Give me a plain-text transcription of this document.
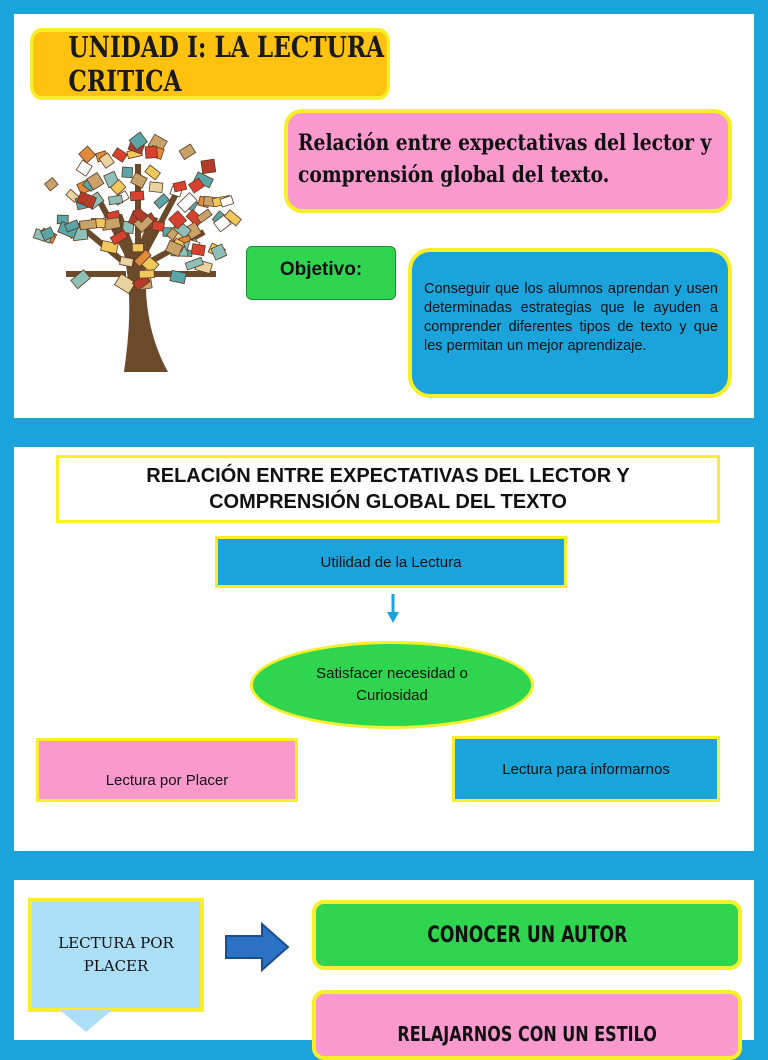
UNIDAD I: LA LECTURA CRITICA
Relación entre expectativas del lector y comprensión global del texto.
Objetivo:
Conseguir que los alumnos aprendan y usen determinadas estrategias que le ayuden a comprender diferentes tipos de texto y que les permitan un mejor aprendizaje.
RELACIÓN ENTRE EXPECTATIVAS DEL LECTOR Y
COMPRENSIÓN GLOBAL DEL TEXTO
Utilidad de la Lectura
Satisfacer necesidad o
Curiosidad
Lectura por Placer
Lectura para informarnos
LECTURA POR
PLACER
CONOCER UN AUTOR
RELAJARNOS CON UN ESTILO
